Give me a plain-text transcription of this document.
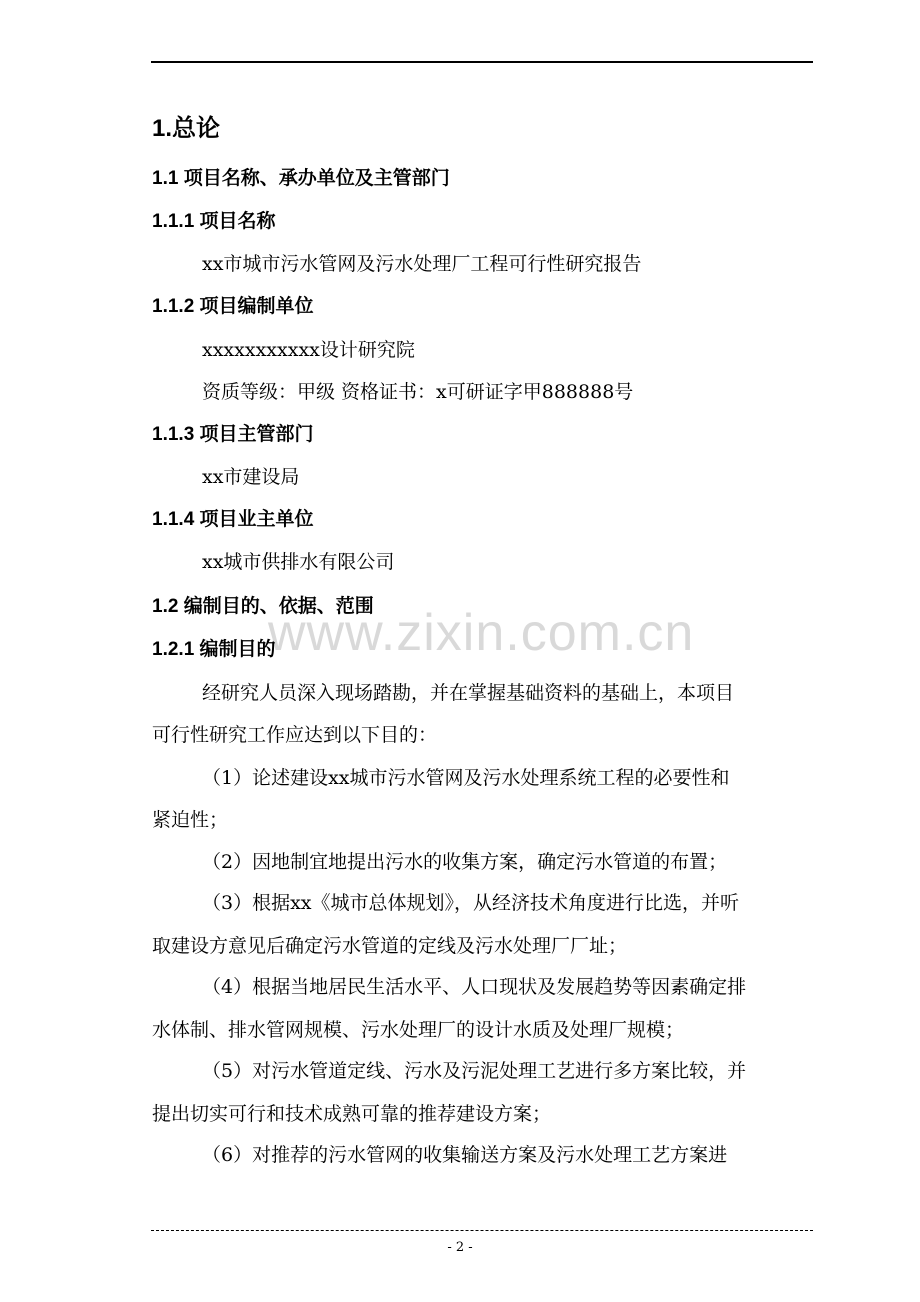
www.zixin.com.cn
1.总论
1.1 项目名称、承办单位及主管部门
1.1.1 项目名称
xx市城市污水管网及污水处理厂工程可行性研究报告
1.1.2 项目编制单位
xxxxxxxxxxx设计研究院
资质等级：甲级 资格证书：x可研证字甲888888号
1.1.3 项目主管部门
xx市建设局
1.1.4 项目业主单位
xx城市供排水有限公司
1.2 编制目的、依据、范围
1.2.1 编制目的
经研究人员深入现场踏勘，并在掌握基础资料的基础上，本项目
可行性研究工作应达到以下目的：
（1）论述建设xx城市污水管网及污水处理系统工程的必要性和
紧迫性；
（2）因地制宜地提出污水的收集方案，确定污水管道的布置；
（3）根据xx《城市总体规划》，从经济技术角度进行比选，并听
取建设方意见后确定污水管道的定线及污水处理厂厂址；
（4）根据当地居民生活水平、人口现状及发展趋势等因素确定排
水体制、排水管网规模、污水处理厂的设计水质及处理厂规模；
（5）对污水管道定线、污水及污泥处理工艺进行多方案比较，并
提出切实可行和技术成熟可靠的推荐建设方案；
（6）对推荐的污水管网的收集输送方案及污水处理工艺方案进
- 2 -
